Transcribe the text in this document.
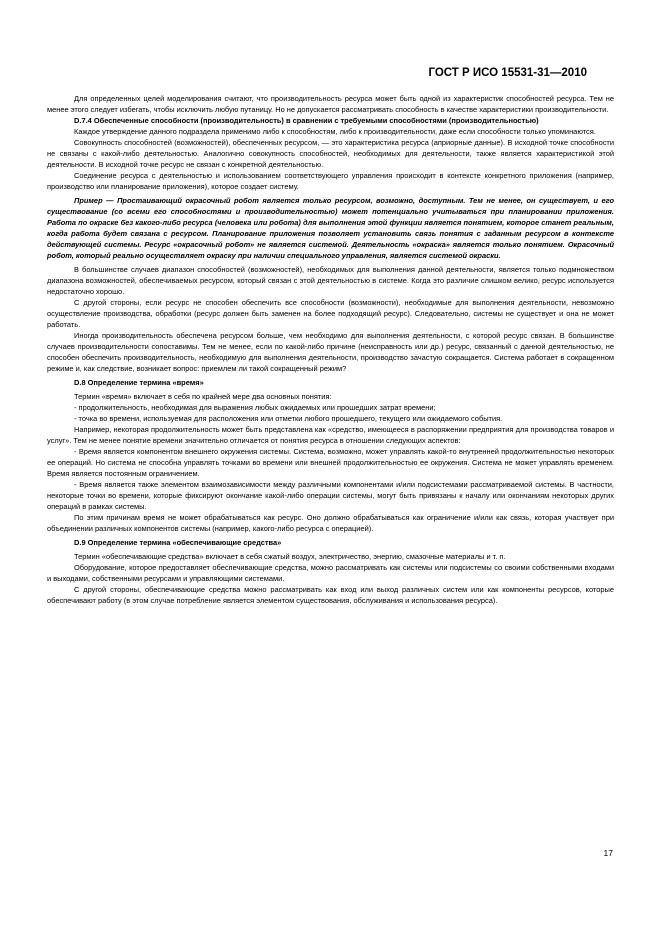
ГОСТ Р ИСО 15531-31—2010

Для определенных целей моделирования считают, что производительность ресурса может быть одной из характеристик способностей ресурса. Тем не менее этого следует избегать, чтобы исключить любую путаницу. Но не допускается рассматривать способность в качестве характеристики производительности.

D.7.4 Обеспеченные способности (производительность) в сравнении с требуемыми способностями (производительностью)

Каждое утверждение данного подраздела применимо либо к способностям, либо к производительности, даже если способности только упоминаются.

Совокупность способностей (возможностей), обеспеченных ресурсом, — это характеристика ресурса (априорные данные). В исходной точке способности не связаны с какой-либо деятельностью. Аналогично совокупность способностей, необходимых для деятельности, также является характеристикой этой деятельности. В исходной точке ресурс не связан с конкретной деятельностью.

Соединение ресурса с деятельностью и использованием соответствующего управления происходит в контексте конкретного приложения (например, производство или планирование приложения), которое создает систему.

Пример — Простаивающий окрасочный робот является только ресурсом, возможно, доступным. Тем не менее, он существует, и его существование (со всеми его способностями и производительностью) может потенциально учитываться при планировании приложения. Работа по окраске без какого-либо ресурса (человека или робота) для выполнения этой функции является понятием, которое станет реальным, когда работа будет связана с ресурсом. Планирование приложения позволяет установить связь понятия с заданным ресурсом в контексте действующей системы. Ресурс «окрасочный робот» не является системой. Деятельность «окраска» является только понятием. Окрасочный робот, который реально осуществляет окраску при наличии специального управления, является системой окраски.

В большинстве случаев диапазон способностей (возможностей), необходимых для выполнения данной деятельности, является только подмножеством диапазона возможностей, обеспечиваемых ресурсом, который связан с этой деятельностью в системе. Когда это различие слишком велико, ресурс используется недостаточно хорошо.

С другой стороны, если ресурс не способен обеспечить все способности (возможности), необходимые для выполнения деятельности, невозможно осуществление производства, обработки (ресурс должен быть заменен на более подходящий ресурс). Следовательно, системы не существует и она не может работать.

Иногда производительность обеспечена ресурсом больше, чем необходимо для выполнения деятельности, с которой ресурс связан. В большинстве случаев производительности сопоставимы. Тем не менее, если по какой-либо причине (неисправность или др.) ресурс, связанный с данной деятельностью, не способен обеспечить производительность, необходимую для выполнения деятельности, производство зачастую сокращается. Система работает в сокращенном режиме и, как следствие, возникает вопрос: приемлем ли такой сокращенный режим?

D.8 Определение термина «время»

Термин «время» включает в себя по крайней мере два основных понятия:

- продолжительность, необходимая для выражения любых ожидаемых или прошедших затрат времени;

- точка во времени, используемая для расположения или отметки любого прошедшего, текущего или ожидаемого события.

Например, некоторая продолжительность может быть представлена как «средство, имеющееся в распоряжении предприятия для производства товаров и услуг». Тем не менее понятие времени значительно отличается от понятия ресурса в отношении следующих аспектов:

- Время является компонентом внешнего окружения системы. Система, возможно, может управлять какой-то внутренней продолжительностью некоторых ее операций. Но система не способна управлять точками во времени или внешней продолжительностью ее окружения. Система не может управлять временем. Время является постоянным ограничением.

- Время является также элементом взаимозависимости между различными компонентами и/или подсистемами рассматриваемой системы. В частности, некоторые точки во времени, которые фиксируют окончание какой-либо операции системы, могут быть привязаны к началу или окончаниям некоторых других операций в рамках системы.

По этим причинам время не может обрабатываться как ресурс. Оно должно обрабатываться как ограничение и/или как связь, которая участвует при объединении различных компонентов системы (например, какого-либо ресурса с операцией).

D.9 Определение термина «обеспечивающие средства»

Термин «обеспечивающие средства» включает в себя сжатый воздух, электричество, энергию, смазочные материалы и т. п.

Оборудование, которое предоставляет обеспечивающие средства, можно рассматривать как системы или подсистемы со своими собственными входами и выходами, собственными ресурсами и управляющими системами.

С другой стороны, обеспечивающие средства можно рассматривать как вход или выход различных систем или как компоненты ресурсов, которые обеспечивают работу (в этом случае потребление является элементом существования, обслуживания и использования ресурса).

17
